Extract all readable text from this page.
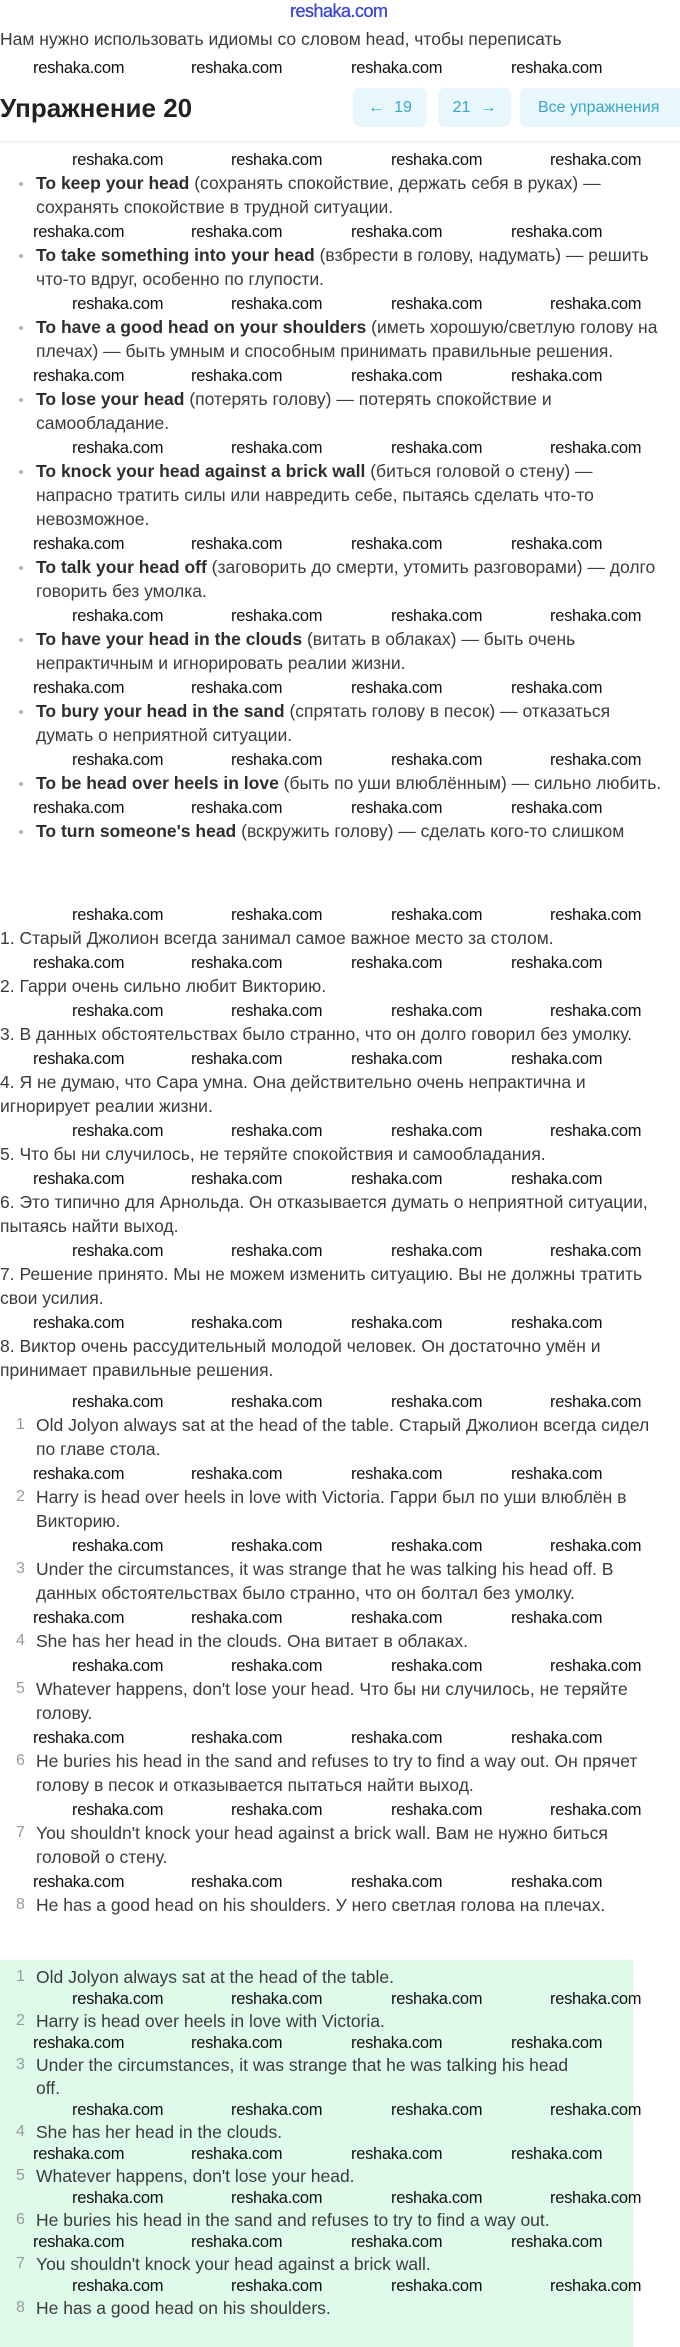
reshaka.com
Нам нужно использовать идиомы со словом head, чтобы переписать
reshaka.com	reshaka.com	reshaka.com	reshaka.com
Упражнение 20	← 19	21 →	Все упражнения
reshaka.com	reshaka.com	reshaka.com	reshaka.com
To keep your head (сохранять спокойствие, держать себя в руках) —
сохранять спокойствие в трудной ситуации.
reshaka.com	reshaka.com	reshaka.com	reshaka.com
To take something into your head (взбрести в голову, надумать) — решить
что-то вдруг, особенно по глупости.
reshaka.com	reshaka.com	reshaka.com	reshaka.com
To have a good head on your shoulders (иметь хорошую/светлую голову на
плечах) — быть умным и способным принимать правильные решения.
reshaka.com	reshaka.com	reshaka.com	reshaka.com
To lose your head (потерять голову) — потерять спокойствие и
самообладание.
reshaka.com	reshaka.com	reshaka.com	reshaka.com
To knock your head against a brick wall (биться головой о стену) —
напрасно тратить силы или навредить себе, пытаясь сделать что-то
невозможное.
reshaka.com	reshaka.com	reshaka.com	reshaka.com
To talk your head off (заговорить до смерти, утомить разговорами) — долго
говорить без умолка.
reshaka.com	reshaka.com	reshaka.com	reshaka.com
To have your head in the clouds (витать в облаках) — быть очень
непрактичным и игнорировать реалии жизни.
reshaka.com	reshaka.com	reshaka.com	reshaka.com
To bury your head in the sand (спрятать голову в песок) — отказаться
думать о неприятной ситуации.
reshaka.com	reshaka.com	reshaka.com	reshaka.com
To be head over heels in love (быть по уши влюблённым) — сильно любить.
reshaka.com	reshaka.com	reshaka.com	reshaka.com
To turn someone's head (вскружить голову) — сделать кого-то слишком
reshaka.com	reshaka.com	reshaka.com	reshaka.com
1. Старый Джолион всегда занимал самое важное место за столом.
reshaka.com	reshaka.com	reshaka.com	reshaka.com
2. Гарри очень сильно любит Викторию.
reshaka.com	reshaka.com	reshaka.com	reshaka.com
3. В данных обстоятельствах было странно, что он долго говорил без умолку.
reshaka.com	reshaka.com	reshaka.com	reshaka.com
4. Я не думаю, что Сара умна. Она действительно очень непрактична и
игнорирует реалии жизни.
reshaka.com	reshaka.com	reshaka.com	reshaka.com
5. Что бы ни случилось, не теряйте спокойствия и самообладания.
reshaka.com	reshaka.com	reshaka.com	reshaka.com
6. Это типично для Арнольда. Он отказывается думать о неприятной ситуации,
пытаясь найти выход.
reshaka.com	reshaka.com	reshaka.com	reshaka.com
7. Решение принято. Мы не можем изменить ситуацию. Вы не должны тратить
свои усилия.
reshaka.com	reshaka.com	reshaka.com	reshaka.com
8. Виктор очень рассудительный молодой человек. Он достаточно умён и
принимает правильные решения.
reshaka.com	reshaka.com	reshaka.com	reshaka.com
1 Old Jolyon always sat at the head of the table. Старый Джолион всегда сидел
по главе стола.
reshaka.com	reshaka.com	reshaka.com	reshaka.com
2 Harry is head over heels in love with Victoria. Гарри был по уши влюблён в
Викторию.
reshaka.com	reshaka.com	reshaka.com	reshaka.com
3 Under the circumstances, it was strange that he was talking his head off. В
данных обстоятельствах было странно, что он болтал без умолку.
reshaka.com	reshaka.com	reshaka.com	reshaka.com
4 She has her head in the clouds. Она витает в облаках.
reshaka.com	reshaka.com	reshaka.com	reshaka.com
5 Whatever happens, don't lose your head. Что бы ни случилось, не теряйте
голову.
reshaka.com	reshaka.com	reshaka.com	reshaka.com
6 He buries his head in the sand and refuses to try to find a way out. Он прячет
голову в песок и отказывается пытаться найти выход.
reshaka.com	reshaka.com	reshaka.com	reshaka.com
7 You shouldn't knock your head against a brick wall. Вам не нужно биться
головой о стену.
reshaka.com	reshaka.com	reshaka.com	reshaka.com
8 He has a good head on his shoulders. У него светлая голова на плечах.
1 Old Jolyon always sat at the head of the table.
reshaka.com	reshaka.com	reshaka.com	reshaka.com
2 Harry is head over heels in love with Victoria.
reshaka.com	reshaka.com	reshaka.com	reshaka.com
3 Under the circumstances, it was strange that he was talking his head
off.
reshaka.com	reshaka.com	reshaka.com	reshaka.com
4 She has her head in the clouds.
reshaka.com	reshaka.com	reshaka.com	reshaka.com
5 Whatever happens, don't lose your head.
reshaka.com	reshaka.com	reshaka.com	reshaka.com
6 He buries his head in the sand and refuses to try to find a way out.
reshaka.com	reshaka.com	reshaka.com	reshaka.com
7 You shouldn't knock your head against a brick wall.
reshaka.com	reshaka.com	reshaka.com	reshaka.com
8 He has a good head on his shoulders.
